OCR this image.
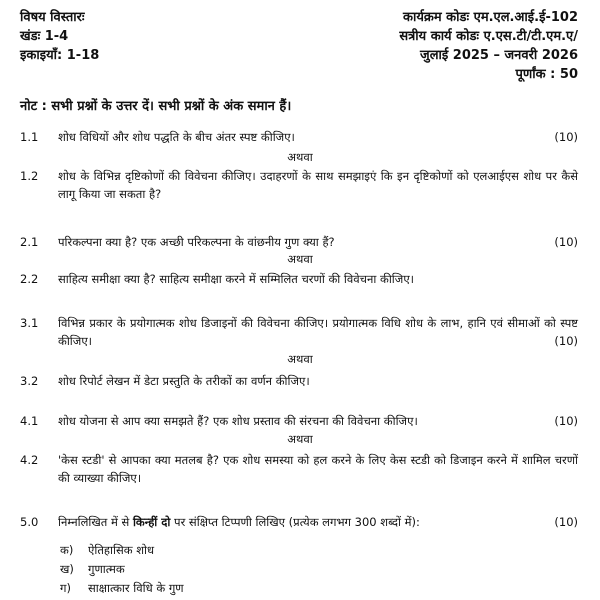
विषय विस्तारः
खंडः 1-4
इकाइयाँ: 1-18
कार्यक्रम कोडः एम.एल.आई.ई-102
सत्रीय कार्य कोडः ए.एस.टी/टी.एम.ए/
जुलाई 2025 – जनवरी 2026
पूर्णांक : 50
नोट : सभी प्रश्नों के उत्तर दें। सभी प्रश्नों के अंक समान हैं।
1.1	शोध विधियों और शोध पद्धति के बीच अंतर स्पष्ट कीजिए।	(10)
अथवा
1.2	शोध के विभिन्न दृष्टिकोणों की विवेचना कीजिए। उदाहरणों के साथ समझाइएं कि इन दृष्टिकोणों को एलआईएस शोध पर कैसे लागू किया जा सकता है?
2.1	परिकल्पना क्या है? एक अच्छी परिकल्पना के वांछनीय गुण क्या हैं?	(10)
अथवा
2.2	साहित्य समीक्षा क्या है? साहित्य समीक्षा करने में सम्मिलित चरणों की विवेचना कीजिए।
3.1	विभिन्न प्रकार के प्रयोगात्मक शोध डिजाइनों की विवेचना कीजिए। प्रयोगात्मक विधि शोध के लाभ, हानि एवं सीमाओं को स्पष्ट कीजिए।	(10)
अथवा
3.2	शोध रिपोर्ट लेखन में डेटा प्रस्तुति के तरीकों का वर्णन कीजिए।
4.1	शोध योजना से आप क्या समझते हैं? एक शोध प्रस्ताव की संरचना की विवेचना कीजिए।	(10)
अथवा
4.2	'केस स्टडी' से आपका क्या मतलब है? एक शोध समस्या को हल करने के लिए केस स्टडी को डिजाइन करने में शामिल चरणों की व्याख्या कीजिए।
5.0	निम्नलिखित में से किन्हीं दो पर संक्षिप्त टिप्पणी लिखिए (प्रत्येक लगभग 300 शब्दों में):	(10)
क) ऐतिहासिक शोध
ख) गुणात्मक
ग) साक्षात्कार विधि के गुण
